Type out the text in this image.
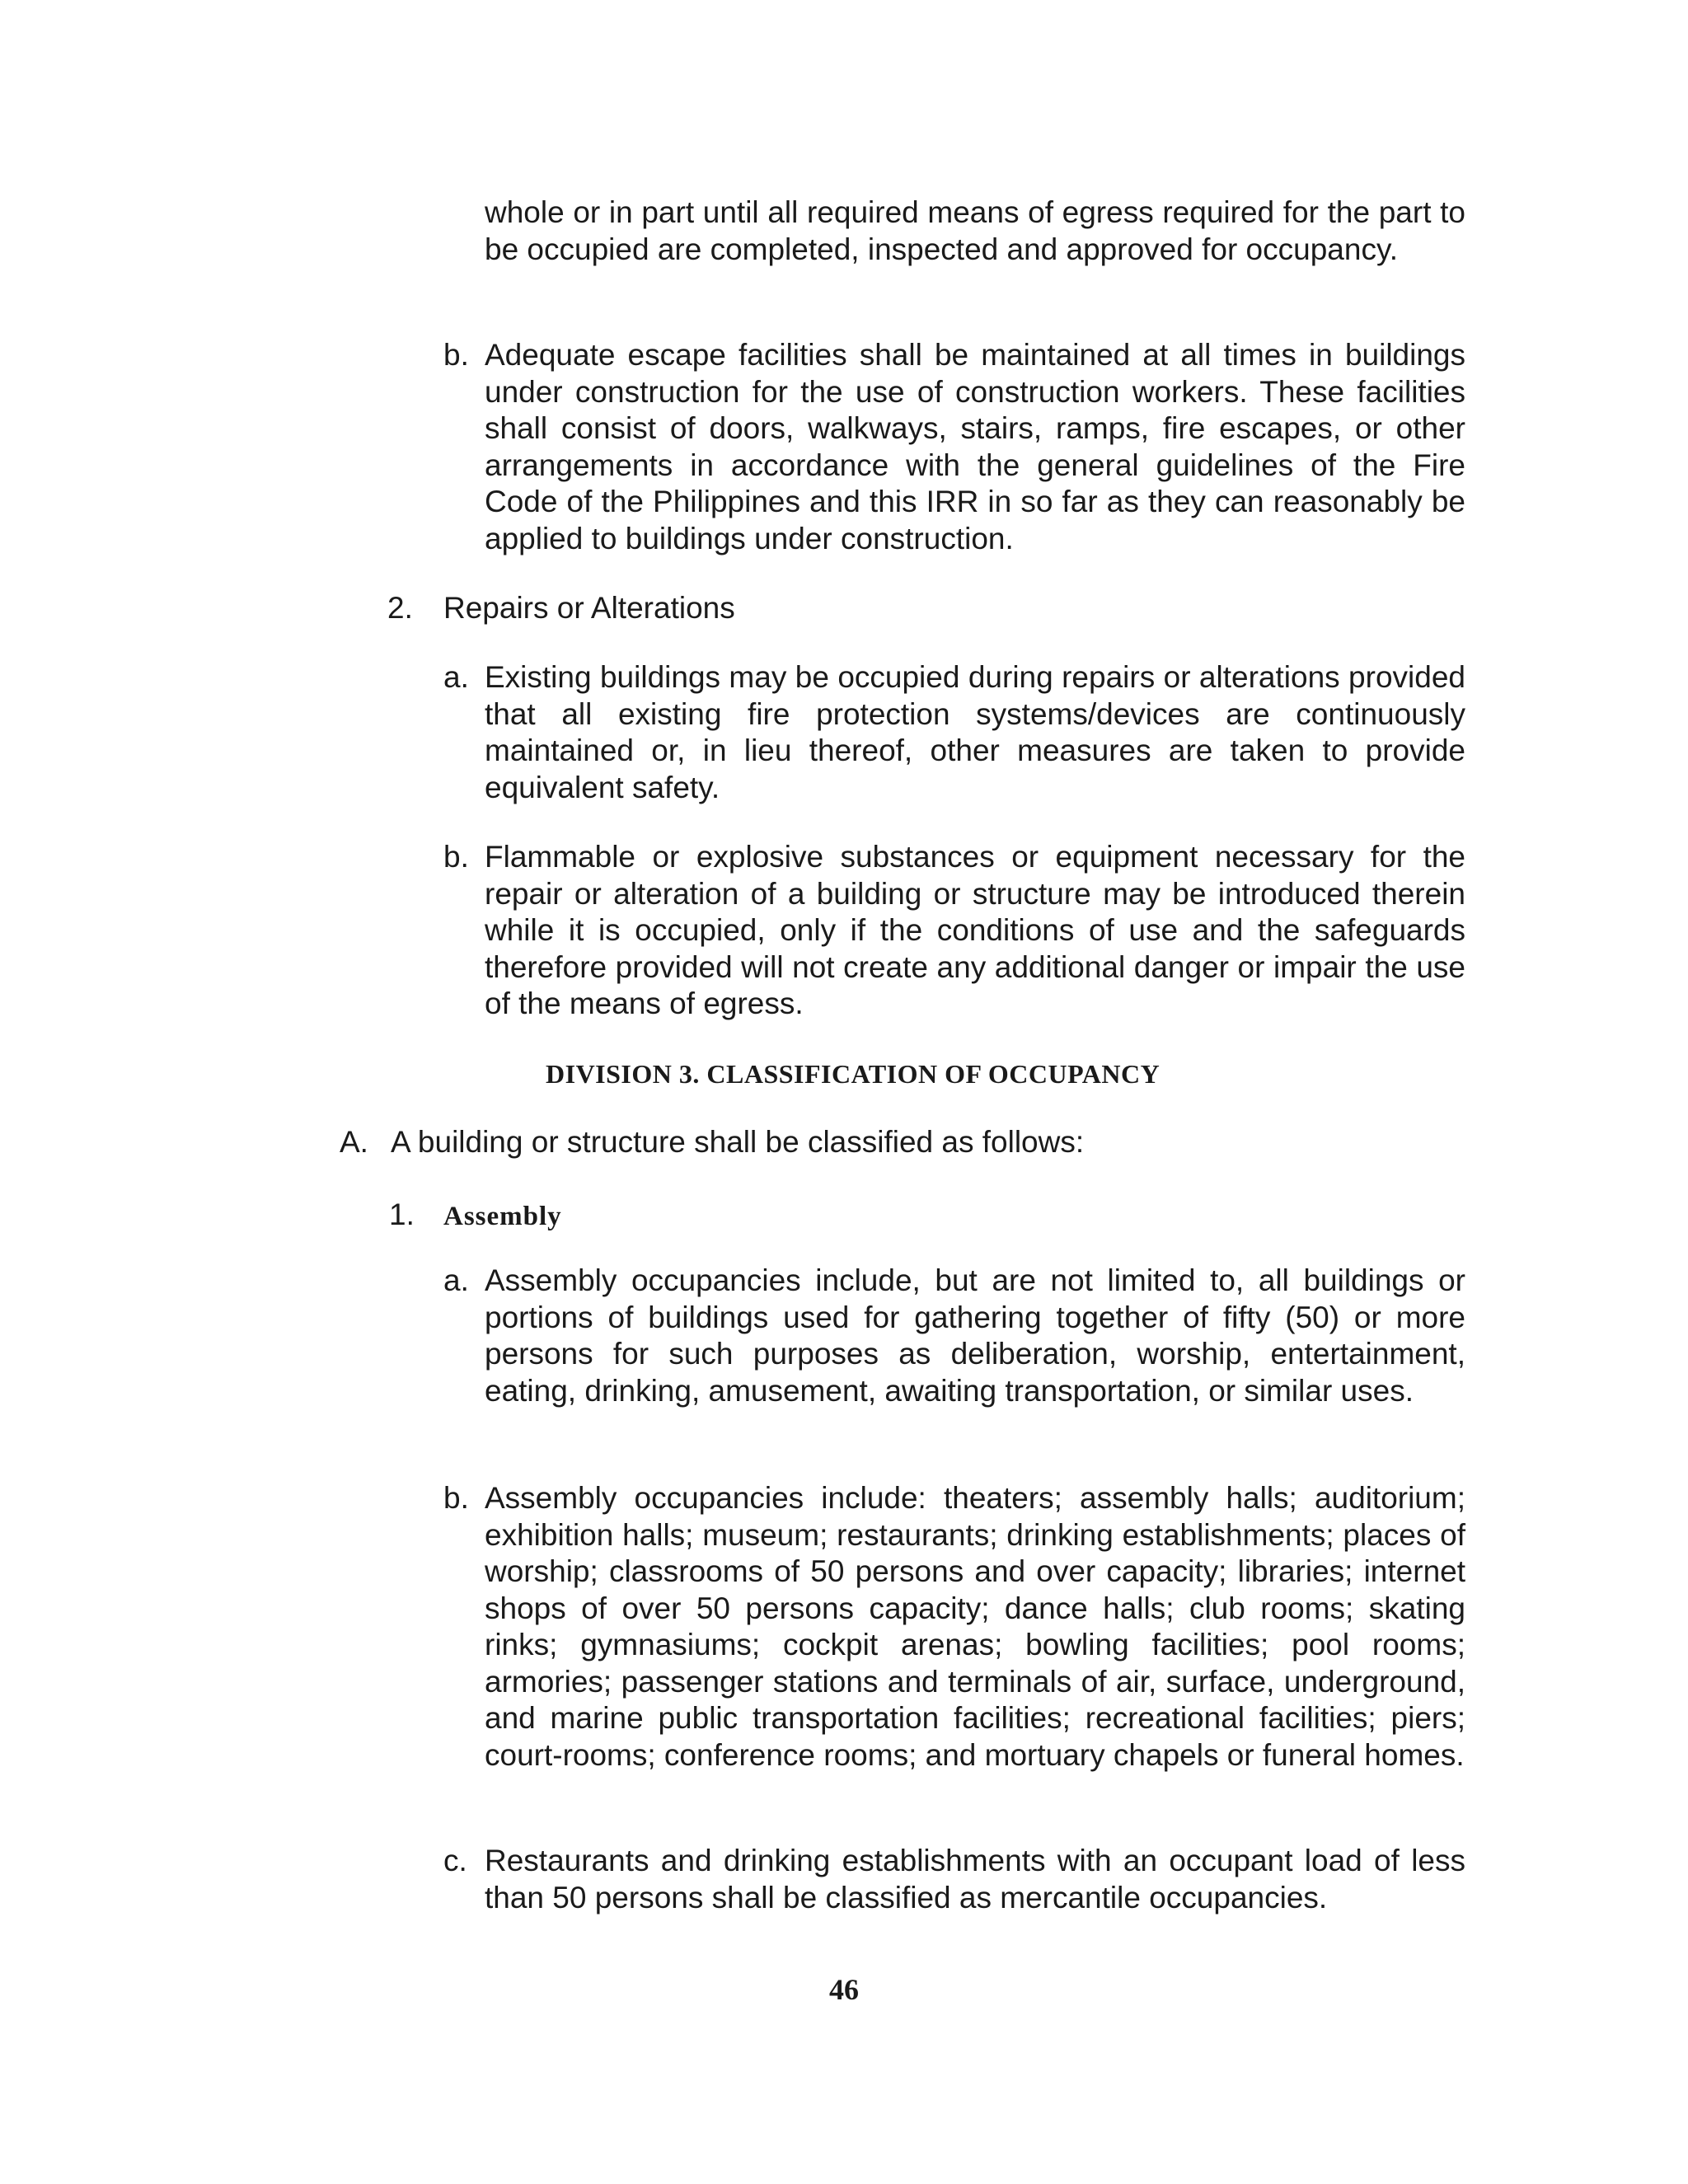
whole or in part until all required means of egress required for the part to be occupied are completed, inspected and approved for occupancy.
b. Adequate escape facilities shall be maintained at all times in buildings under construction for the use of construction workers. These facilities shall consist of doors, walkways, stairs, ramps, fire escapes, or other arrangements in accordance with the general guidelines of the Fire Code of the Philippines and this IRR in so far as they can reasonably be applied to buildings under construction.
2. Repairs or Alterations
a. Existing buildings may be occupied during repairs or alterations provided that all existing fire protection systems/devices are continuously maintained or, in lieu thereof, other measures are taken to provide equivalent safety.
b. Flammable or explosive substances or equipment necessary for the repair or alteration of a building or structure may be introduced therein while it is occupied, only if the conditions of use and the safeguards therefore provided will not create any additional danger or impair the use of the means of egress.
DIVISION 3. CLASSIFICATION OF OCCUPANCY
A. A building or structure shall be classified as follows:
1. Assembly
a. Assembly occupancies include, but are not limited to, all buildings or portions of buildings used for gathering together of fifty (50) or more persons for such purposes as deliberation, worship, entertainment, eating, drinking, amusement, awaiting transportation, or similar uses.
b. Assembly occupancies include: theaters; assembly halls; auditorium; exhibition halls; museum; restaurants; drinking establishments; places of worship; classrooms of 50 persons and over capacity; libraries; internet shops of over 50 persons capacity; dance halls; club rooms; skating rinks; gymnasiums; cockpit arenas; bowling facilities; pool rooms; armories; passenger stations and terminals of air, surface, underground, and marine public transportation facilities; recreational facilities; piers; court-rooms; conference rooms; and mortuary chapels or funeral homes.
c. Restaurants and drinking establishments with an occupant load of less than 50 persons shall be classified as mercantile occupancies.
46
